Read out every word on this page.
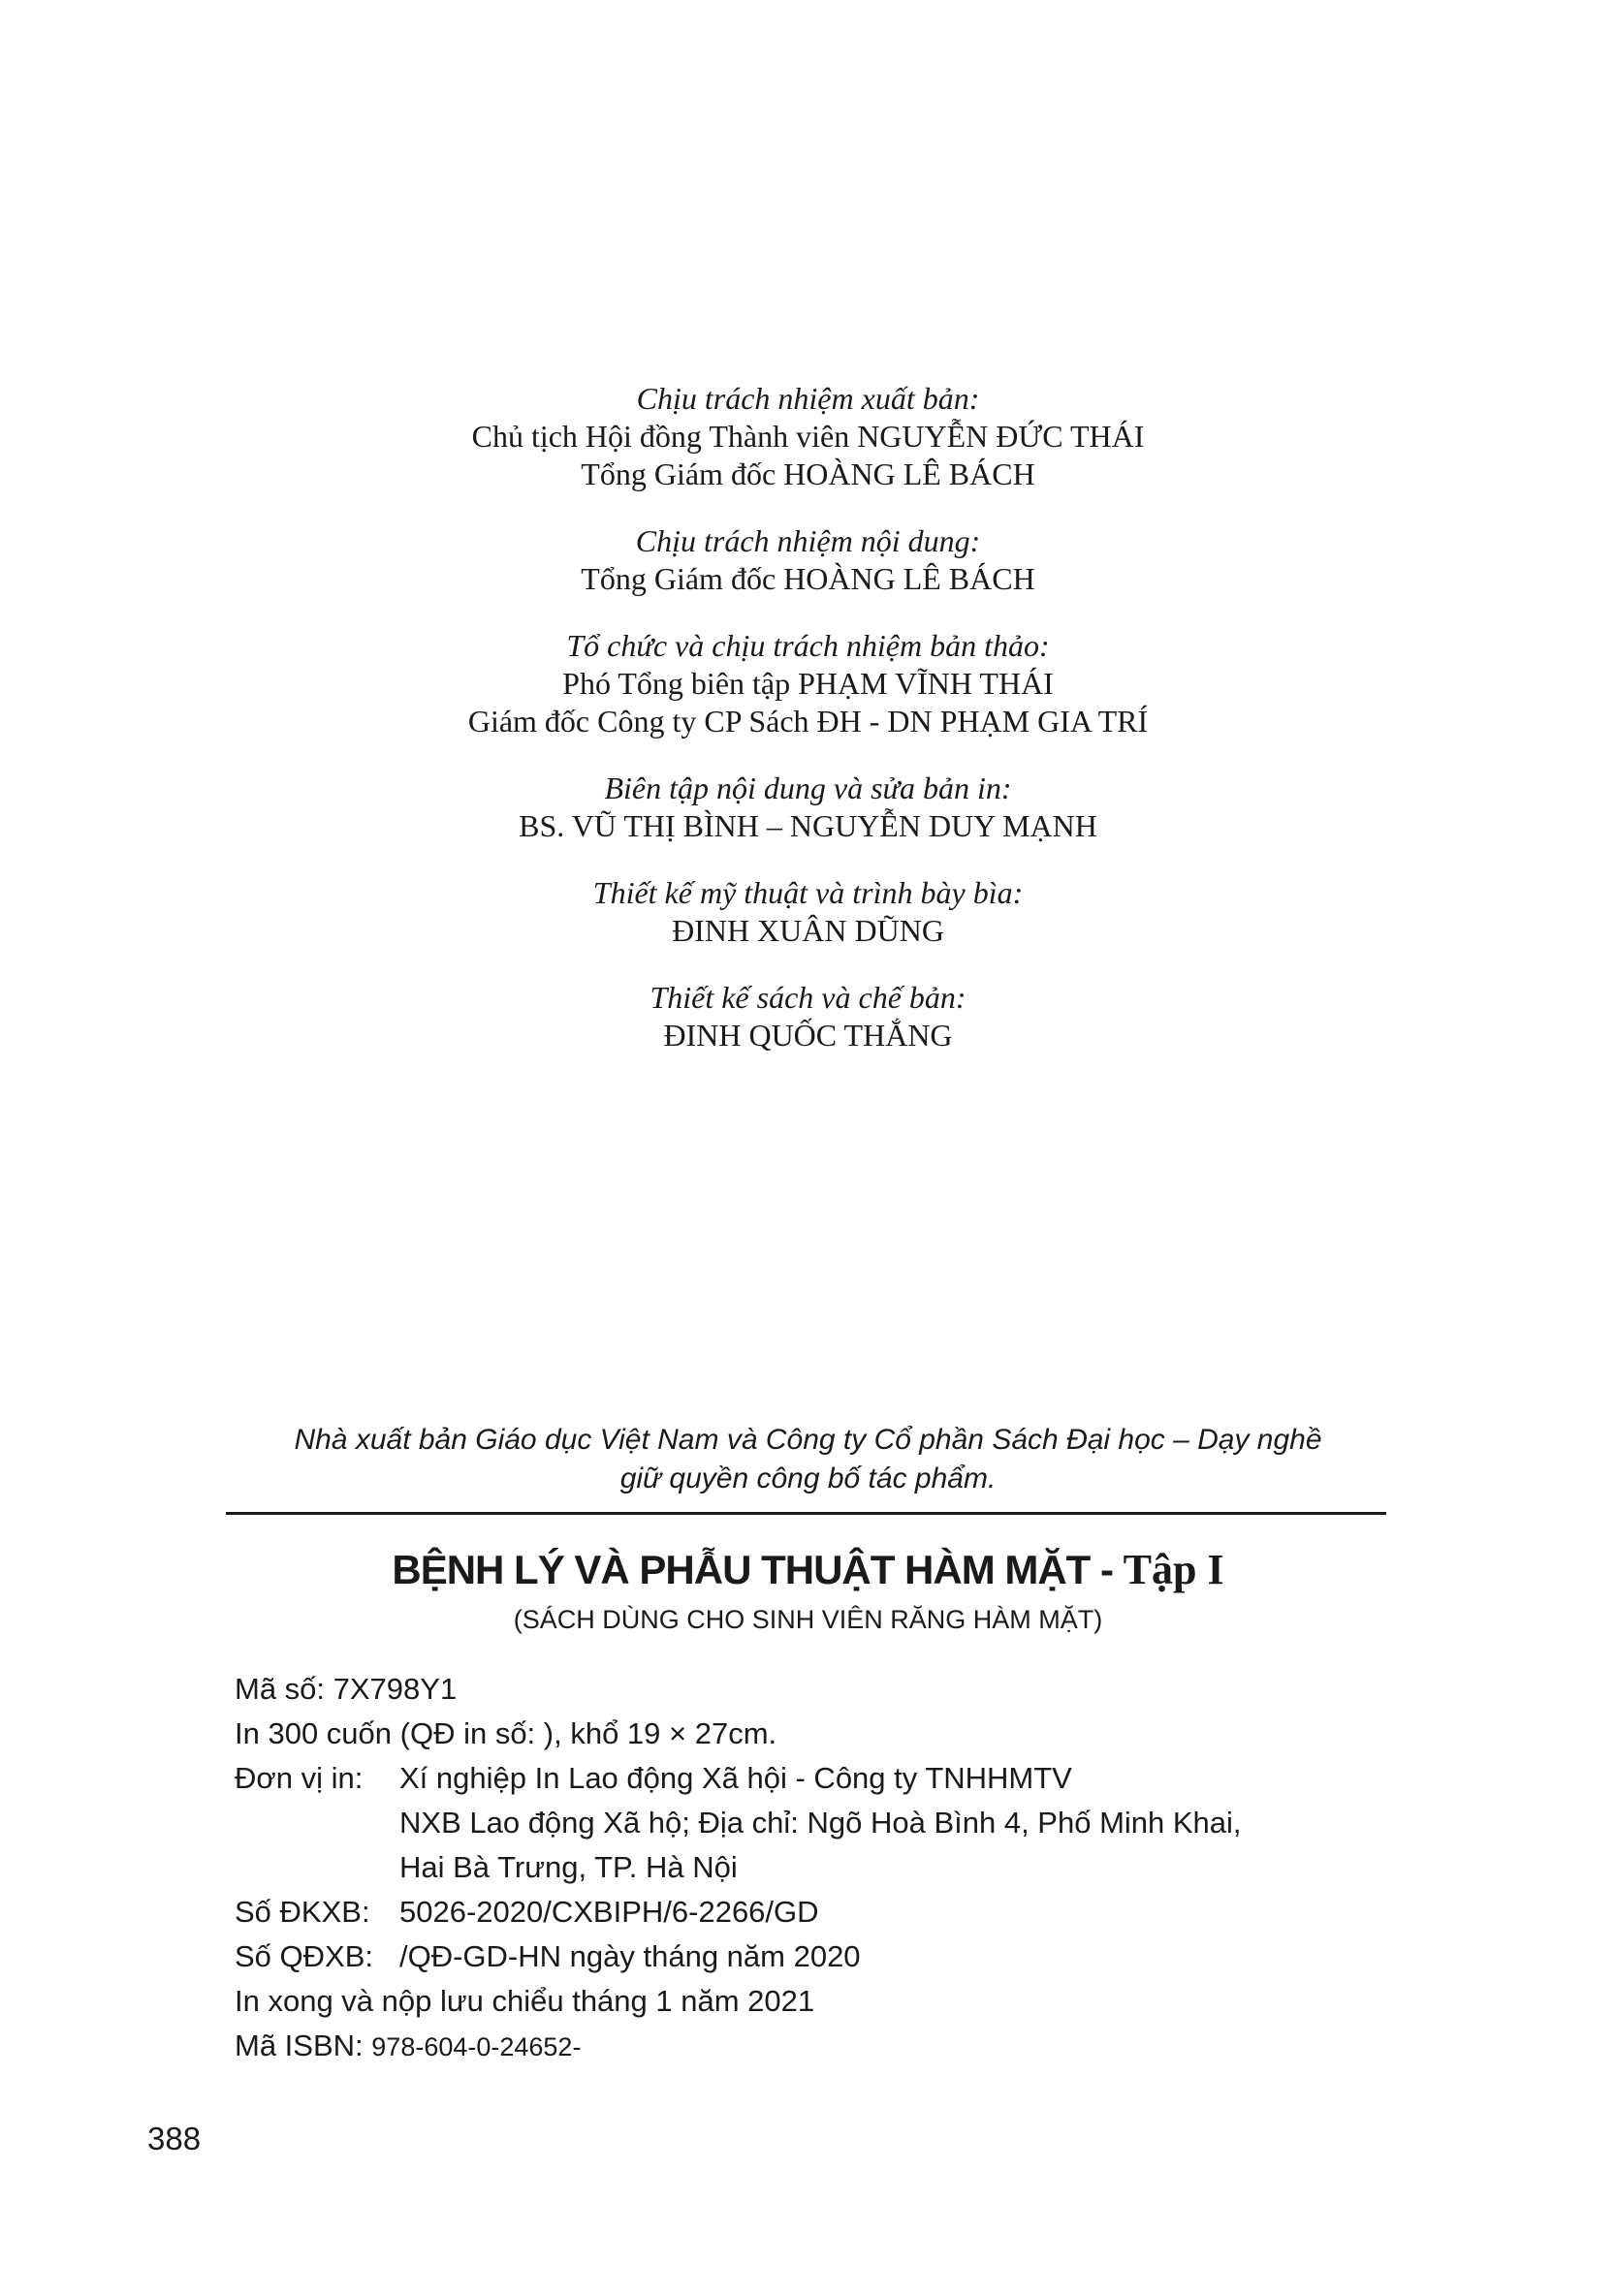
Chịu trách nhiệm xuất bản:
Chủ tịch Hội đồng Thành viên NGUYỄN ĐỨC THÁI
Tổng Giám đốc HOÀNG LÊ BÁCH
Chịu trách nhiệm nội dung:
Tổng Giám đốc HOÀNG LÊ BÁCH
Tổ chức và chịu trách nhiệm bản thảo:
Phó Tổng biên tập PHẠM VĨNH THÁI
Giám đốc Công ty CP Sách ĐH - DN PHẠM GIA TRÍ
Biên tập nội dung và sửa bản in:
BS. VŨ THỊ BÌNH – NGUYỄN DUY MẠNH
Thiết kế mỹ thuật và trình bày bìa:
ĐINH XUÂN DŨNG
Thiết kế sách và chế bản:
ĐINH QUỐC THẮNG
Nhà xuất bản Giáo dục Việt Nam và Công ty Cổ phần Sách Đại học – Dạy nghề
giữ quyền công bố tác phẩm.
BỆNH LÝ VÀ PHẪU THUẬT HÀM MẶT - Tập I
(SÁCH DÙNG CHO SINH VIÊN RĂNG HÀM MẶT)
Mã số: 7X798Y1
In 300 cuốn (QĐ in số: ), khổ 19 × 27cm.
Đơn vị in: Xí nghiệp In Lao động Xã hội - Công ty TNHHMTV
NXB Lao động Xã hộ; Địa chỉ: Ngõ Hoà Bình 4, Phố Minh Khai,
Hai Bà Trưng, TP. Hà Nội
Số ĐKXB: 5026-2020/CXBIPH/6-2266/GD
Số QĐXB: /QĐ-GD-HN ngày tháng năm 2020
In xong và nộp lưu chiểu tháng 1 năm 2021
Mã ISBN: 978-604-0-24652-
388
